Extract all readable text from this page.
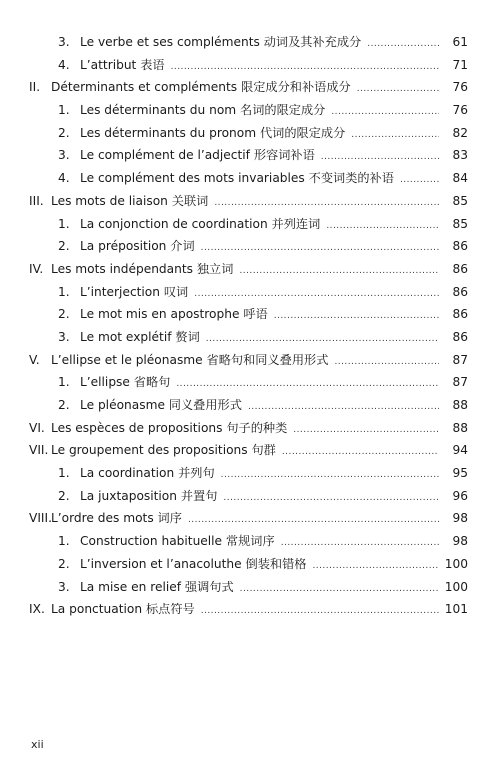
3. Le verbe et ses compléments 动词及其补充成分 . . .	61
4. L’attribut 表语 . . .	71
II. Déterminants et compléments 限定成分和补语成分 . . .	76
1. Les déterminants du nom 名词的限定成分 . . .	76
2. Les déterminants du pronom 代词的限定成分 . . .	82
3. Le complément de l’adjectif 形容词补语 . . .	83
4. Le complément des mots invariables 不变词类的补语 . . .	84
III. Les mots de liaison 关联词 . . .	85
1. La conjonction de coordination 并列连词 . . .	85
2. La préposition 介词 . . .	86
IV. Les mots indépendants 独立词 . . .	86
1. L’interjection 叹词 . . .	86
2. Le mot mis en apostrophe 呼语 . . .	86
3. Le mot explétif 赘词 . . .	86
V. L’ellipse et le pléonasme 省略句和同义叠用形式 . . .	87
1. L’ellipse 省略句 . . .	87
2. Le pléonasme 同义叠用形式 . . .	88
VI. Les espèces de propositions 句子的种类 . . .	88
VII. Le groupement des propositions 句群 . . .	94
1. La coordination 并列句 . . .	95
2. La juxtaposition 并置句 . . .	96
VIII. L’ordre des mots 词序 . . .	98
1. Construction habituelle 常规词序 . . .	98
2. L’inversion et l’anacoluthe 倒装和错格 . . .	100
3. La mise en relief 强调句式 . . .	100
IX. La ponctuation 标点符号 . . .	101
xii
